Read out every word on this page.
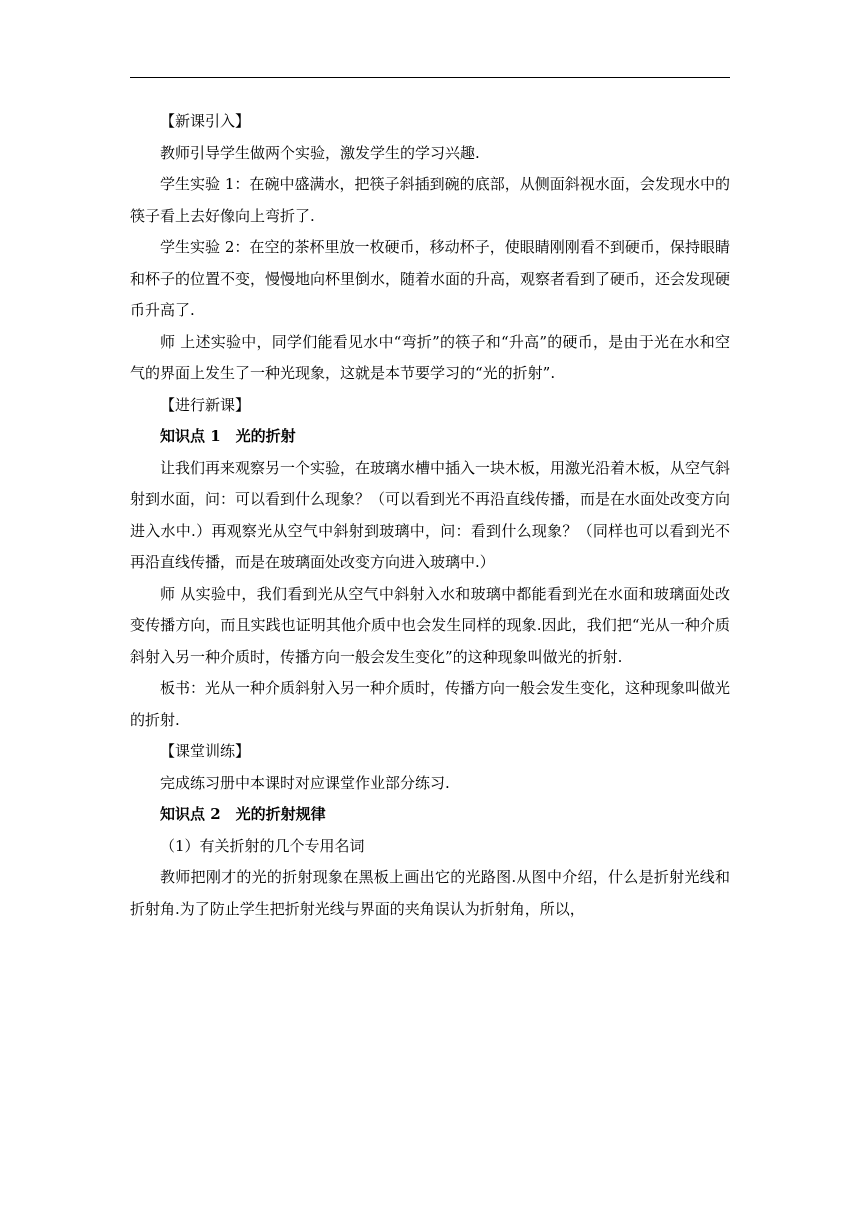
【新课引入】

教师引导学生做两个实验，激发学生的学习兴趣.

学生实验 1：在碗中盛满水，把筷子斜插到碗的底部，从侧面斜视水面，会发现水中的筷子看上去好像向上弯折了.

学生实验 2：在空的茶杯里放一枚硬币，移动杯子，使眼睛刚刚看不到硬币，保持眼睛和杯子的位置不变，慢慢地向杯里倒水，随着水面的升高，观察者看到了硬币，还会发现硬币升高了.

师 上述实验中，同学们能看见水中“弯折”的筷子和“升高”的硬币，是由于光在水和空气的界面上发生了一种光现象，这就是本节要学习的“光的折射”.

【进行新课】

知识点 1 光的折射

让我们再来观察另一个实验，在玻璃水槽中插入一块木板，用激光沿着木板，从空气斜射到水面，问：可以看到什么现象？（可以看到光不再沿直线传播，而是在水面处改变方向进入水中.）再观察光从空气中斜射到玻璃中，问：看到什么现象？（同样也可以看到光不再沿直线传播，而是在玻璃面处改变方向进入玻璃中.）

师 从实验中，我们看到光从空气中斜射入水和玻璃中都能看到光在水面和玻璃面处改变传播方向，而且实践也证明其他介质中也会发生同样的现象.因此，我们把“光从一种介质斜射入另一种介质时，传播方向一般会发生变化”的这种现象叫做光的折射.

板书：光从一种介质斜射入另一种介质时，传播方向一般会发生变化，这种现象叫做光的折射.

【课堂训练】

完成练习册中本课时对应课堂作业部分练习.

知识点 2 光的折射规律

（1）有关折射的几个专用名词

教师把刚才的光的折射现象在黑板上画出它的光路图.从图中介绍，什么是折射光线和折射角.为了防止学生把折射光线与界面的夹角误认为折射角，所以，
